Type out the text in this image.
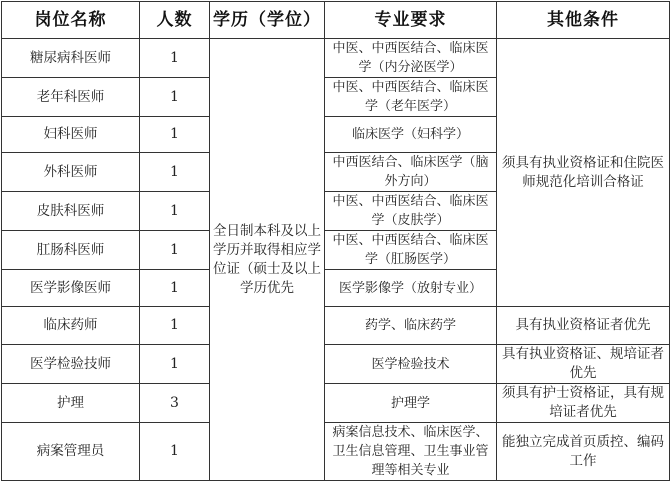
岗位名称	人数	学历（学位）	专业要求	其他条件
糖尿病科医师	1	全日制本科及以上学历并取得相应学位证（硕士及以上学历优先	中医、中西医结合、临床医学（内分泌医学）	须具有执业资格证和住院医师规范化培训合格证
老年科医师	1		中医、中西医结合、临床医学（老年医学）	
妇科医师	1		临床医学（妇科学）	
外科医师	1		中西医结合、临床医学（脑外方向）	
皮肤科医师	1		中医、中西医结合、临床医学（皮肤学）	
肛肠科医师	1		中医、中西医结合、临床医学（肛肠医学）	
医学影像医师	1		医学影像学（放射专业）	
临床药师	1		药学、临床药学	具有执业资格证者优先
医学检验技师	1		医学检验技术	具有执业资格证、规培证者优先
护理	3		护理学	须具有护士资格证，具有规培证者优先
病案管理员	1		病案信息技术、临床医学、卫生信息管理、卫生事业管理等相关专业	能独立完成首页质控、编码工作
